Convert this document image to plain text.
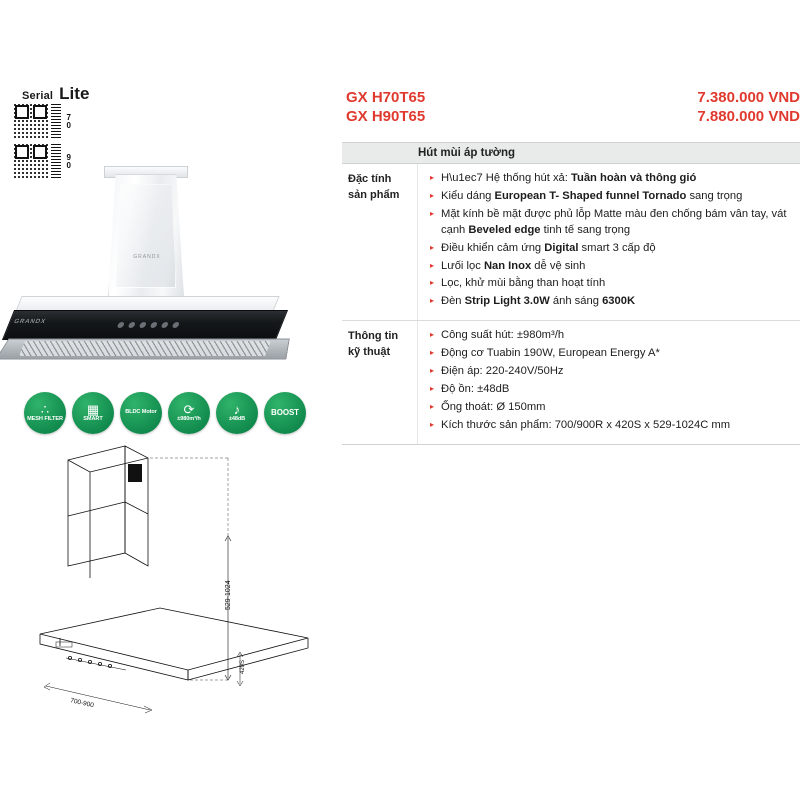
Serial Lite
70
90
GRANDX
GRANDX
∴
MESH FILTER
▦
SMART
BLDC Motor ⟳
±980m³/h
♪
±48dB
BOOST
529-1024
420S
700-900
GX H70T65	7.380.000 VND
GX H90T65	7.880.000 VND
Hút mùi áp tường
Đặc tính
sản phẩm
▸ H\u1ec7 Hệ thống hút xả: Tuần hoàn và thông gió
▸ Kiểu dáng European T- Shaped funnel Tornado sang trọng
▸ Mặt kính bề mặt được phủ lỗp Matte màu đen chống bám vân tay, vát cạnh Beveled edge tinh tế sang trọng
▸ Điều khiển cảm ứng Digital smart 3 cấp độ
▸ Lưối lọc Nan Inox dễ vệ sinh
▸ Lọc, khử mùi bằng than hoạt tính
▸ Đèn Strip Light 3.0W ánh sáng 6300K
Thông tin
kỹ thuật
▸ Công suất hút: ±980m³/h
▸ Động cơ Tuabin 190W, European Energy A*
▸ Điện áp: 220-240V/50Hz
▸ Độ ồn: ±48dB
▸ Ống thoát: Ø 150mm
▸ Kích thước sản phẩm: 700/900R x 420S x 529-1024C mm
